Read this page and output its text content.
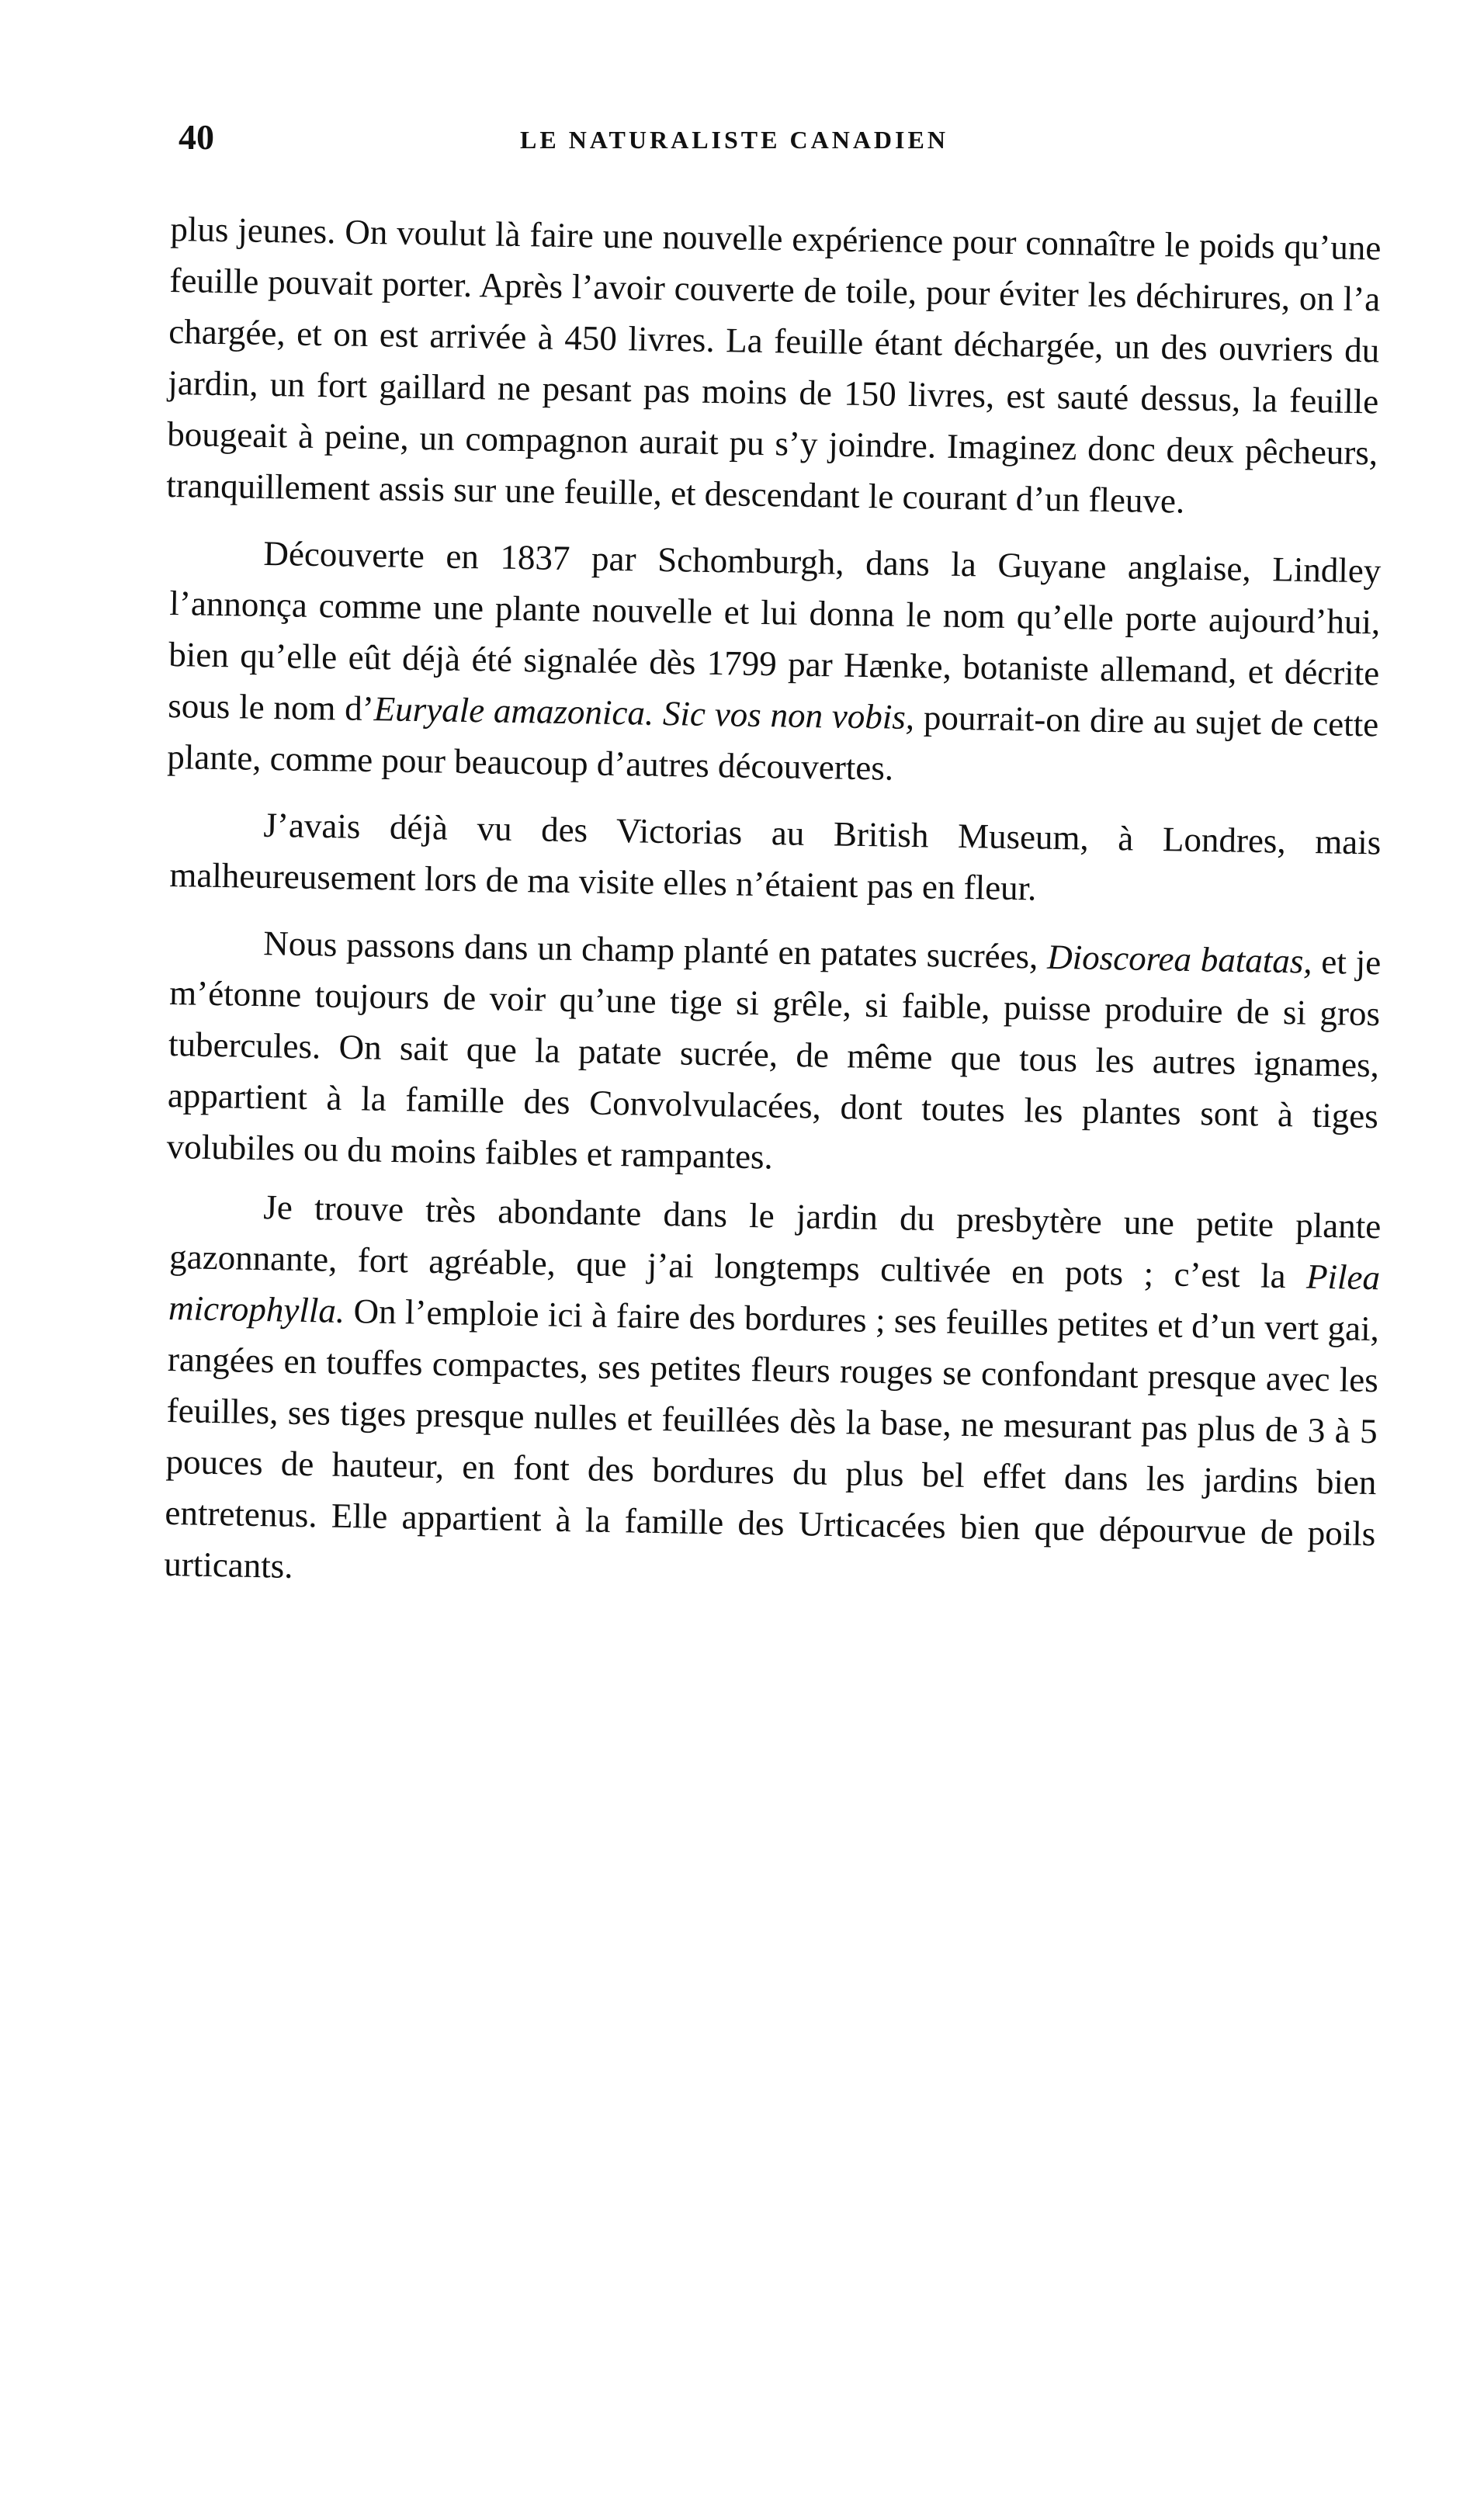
40	LE NATURALISTE CANADIEN

plus jeunes. On voulut là faire une nouvelle expérience pour connaître le poids qu’une feuille pouvait porter. Après l’avoir couverte de toile, pour éviter les déchirures, on l’a chargée, et on est arrivée à 450 livres. La feuille étant déchargée, un des ouvriers du jardin, un fort gaillard ne pesant pas moins de 150 livres, est sauté dessus, la feuille bougeait à peine, un compagnon aurait pu s’y joindre. Imaginez donc deux pêcheurs, tranquillement assis sur une feuille, et descendant le courant d’un fleuve.

Découverte en 1837 par Schomburgh, dans la Guyane anglaise, Lindley l’annonça comme une plante nouvelle et lui donna le nom qu’elle porte aujourd’hui, bien qu’elle eût déjà été signalée dès 1799 par Hænke, botaniste allemand, et décrite sous le nom d’Euryale amazonica. Sic vos non vobis, pourrait-on dire au sujet de cette plante, comme pour beaucoup d’autres découvertes.

J’avais déjà vu des Victorias au British Museum, à Londres, mais malheureusement lors de ma visite elles n’étaient pas en fleur.

Nous passons dans un champ planté en patates sucrées, Dioscorea batatas, et je m’étonne toujours de voir qu’une tige si grêle, si faible, puisse produire de si gros tubercules. On sait que la patate sucrée, de même que tous les autres ignames, appartient à la famille des Convolvulacées, dont toutes les plantes sont à tiges volubiles ou du moins faibles et rampantes.

Je trouve très abondante dans le jardin du presbytère une petite plante gazonnante, fort agréable, que j’ai longtemps cultivée en pots ; c’est la Pilea microphylla. On l’emploie ici à faire des bordures ; ses feuilles petites et d’un vert gai, rangées en touffes compactes, ses petites fleurs rouges se confondant presque avec les feuilles, ses tiges presque nulles et feuillées dès la base, ne mesurant pas plus de 3 à 5 pouces de hauteur, en font des bordures du plus bel effet dans les jardins bien entretenus. Elle appartient à la famille des Urticacées bien que dépourvue de poils urticants.
